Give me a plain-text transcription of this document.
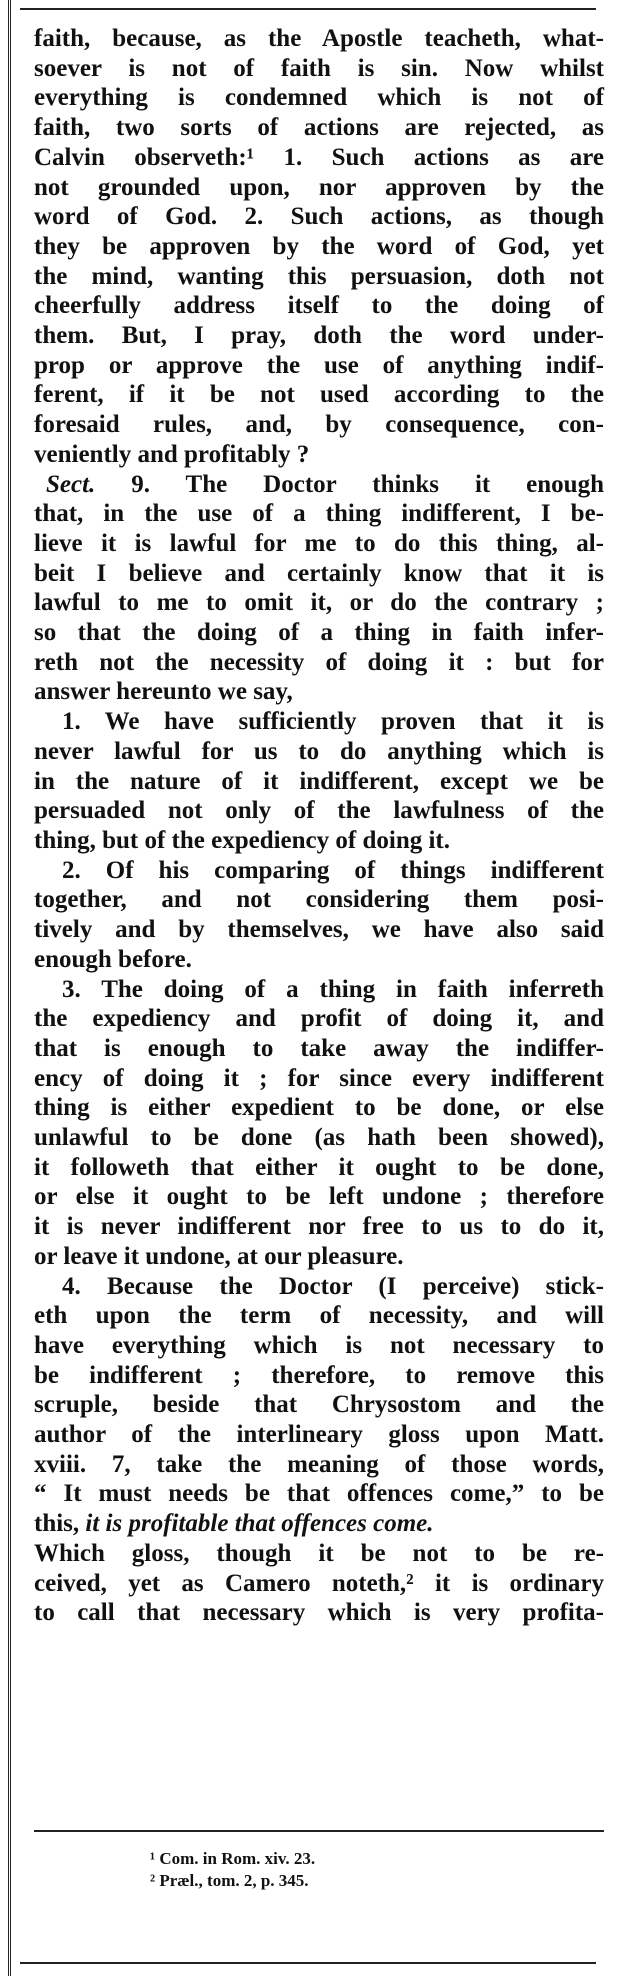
faith, because, as the Apostle teacheth, what-
soever is not of faith is sin. Now whilst
everything is condemned which is not of
faith, two sorts of actions are rejected, as
Calvin observeth:¹ 1. Such actions as are
not grounded upon, nor approven by the
word of God. 2. Such actions, as though
they be approven by the word of God, yet
the mind, wanting this persuasion, doth not
cheerfully address itself to the doing of
them. But, I pray, doth the word under-
prop or approve the use of anything indif-
ferent, if it be not used according to the
foresaid rules, and, by consequence, con-
veniently and profitably ?
Sect. 9. The Doctor thinks it enough
that, in the use of a thing indifferent, I be-
lieve it is lawful for me to do this thing, al-
beit I believe and certainly know that it is
lawful to me to omit it, or do the contrary ;
so that the doing of a thing in faith infer-
reth not the necessity of doing it : but for
answer hereunto we say,
1. We have sufficiently proven that it is
never lawful for us to do anything which is
in the nature of it indifferent, except we be
persuaded not only of the lawfulness of the
thing, but of the expediency of doing it.
2. Of his comparing of things indifferent
together, and not considering them posi-
tively and by themselves, we have also said
enough before.
3. The doing of a thing in faith inferreth
the expediency and profit of doing it, and
that is enough to take away the indiffer-
ency of doing it ; for since every indifferent
thing is either expedient to be done, or else
unlawful to be done (as hath been showed),
it followeth that either it ought to be done,
or else it ought to be left undone ; therefore
it is never indifferent nor free to us to do it,
or leave it undone, at our pleasure.
4. Because the Doctor (I perceive) stick-
eth upon the term of necessity, and will
have everything which is not necessary to
be indifferent ; therefore, to remove this
scruple, beside that Chrysostom and the
author of the interlineary gloss upon Matt.
xviii. 7, take the meaning of those words,
“ It must needs be that offences come,” to be
this, it is profitable that offences come.
Which gloss, though it be not to be re-
ceived, yet as Camero noteth,² it is ordinary
to call that necessary which is very profita-
¹ Com. in Rom. xiv. 23.
² Præl., tom. 2, p. 345.
